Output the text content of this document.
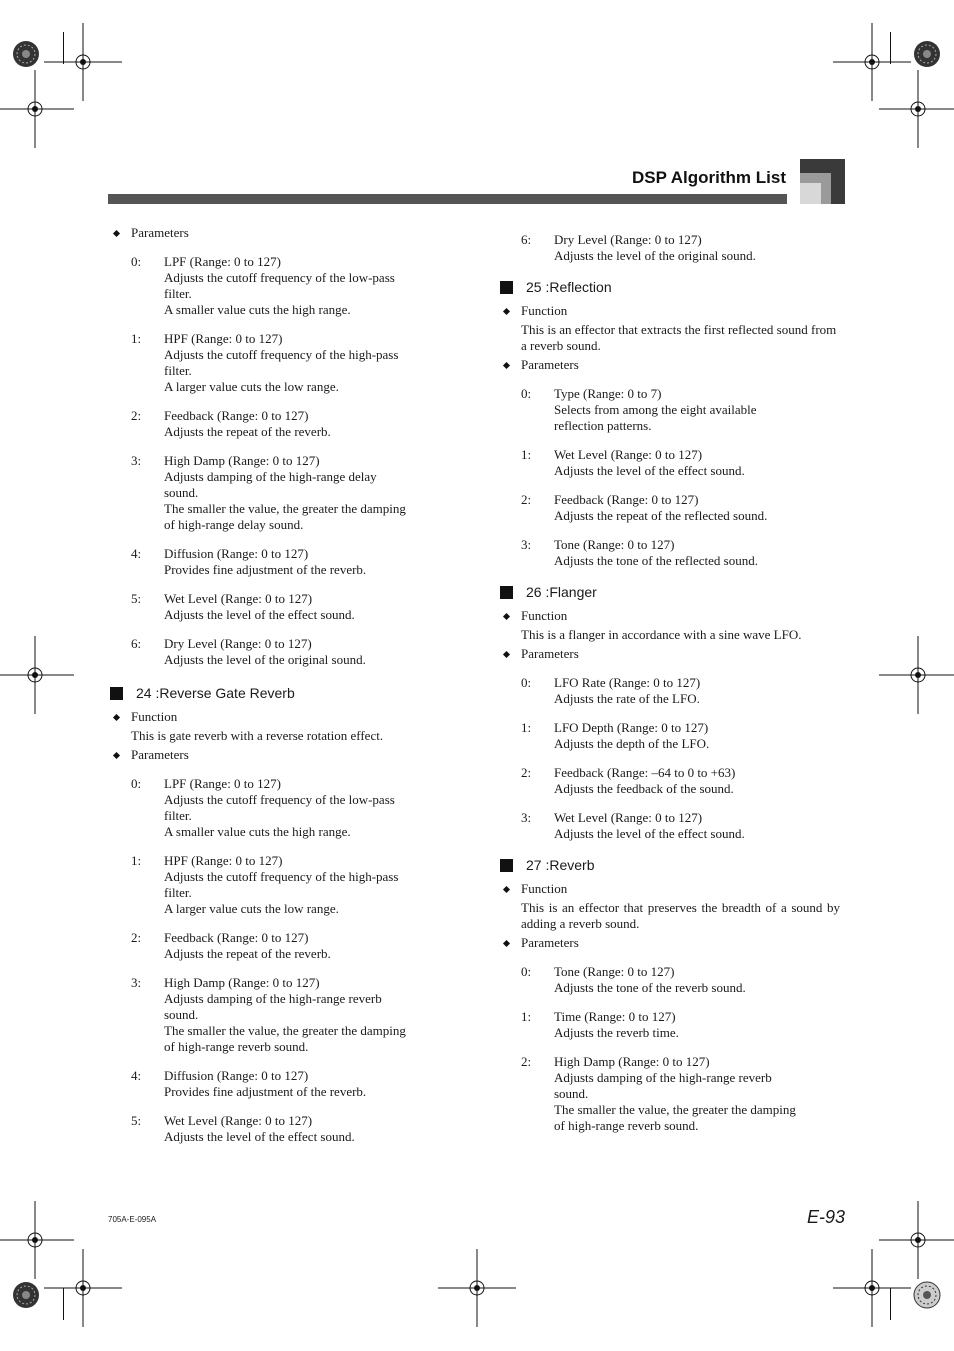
DSP Algorithm List
Parameters
0:	LPF (Range: 0 to 127)
Adjusts the cutoff frequency of the low-pass
filter.
A smaller value cuts the high range.
1:	HPF (Range: 0 to 127)
Adjusts the cutoff frequency of the high-pass
filter.
A larger value cuts the low range.
2:	Feedback (Range: 0 to 127)
Adjusts the repeat of the reverb.
3:	High Damp (Range: 0 to 127)
Adjusts damping of the high-range delay
sound.
The smaller the value, the greater the damping
of high-range delay sound.
4:	Diffusion (Range: 0 to 127)
Provides fine adjustment of the reverb.
5:	Wet Level (Range: 0 to 127)
Adjusts the level of the effect sound.
6:	Dry Level (Range: 0 to 127)
Adjusts the level of the original sound.
24 :Reverse Gate Reverb
Function
This is gate reverb with a reverse rotation effect.
Parameters
0:	LPF (Range: 0 to 127)
Adjusts the cutoff frequency of the low-pass
filter.
A smaller value cuts the high range.
1:	HPF (Range: 0 to 127)
Adjusts the cutoff frequency of the high-pass
filter.
A larger value cuts the low range.
2:	Feedback (Range: 0 to 127)
Adjusts the repeat of the reverb.
3:	High Damp (Range: 0 to 127)
Adjusts damping of the high-range reverb
sound.
The smaller the value, the greater the damping
of high-range reverb sound.
4:	Diffusion (Range: 0 to 127)
Provides fine adjustment of the reverb.
5:	Wet Level (Range: 0 to 127)
Adjusts the level of the effect sound.
6:	Dry Level (Range: 0 to 127)
Adjusts the level of the original sound.
25 :Reflection
Function
This is an effector that extracts the first reflected sound from a reverb sound.
Parameters
0:	Type (Range: 0 to 7)
Selects from among the eight available
reflection patterns.
1:	Wet Level (Range: 0 to 127)
Adjusts the level of the effect sound.
2:	Feedback (Range: 0 to 127)
Adjusts the repeat of the reflected sound.
3:	Tone (Range: 0 to 127)
Adjusts the tone of the reflected sound.
26 :Flanger
Function
This is a flanger in accordance with a sine wave LFO.
Parameters
0:	LFO Rate (Range: 0 to 127)
Adjusts the rate of the LFO.
1:	LFO Depth (Range: 0 to 127)
Adjusts the depth of the LFO.
2:	Feedback (Range: –64 to 0 to +63)
Adjusts the feedback of the sound.
3:	Wet Level (Range: 0 to 127)
Adjusts the level of the effect sound.
27 :Reverb
Function
This is an effector that preserves the breadth of a sound by adding a reverb sound.
Parameters
0:	Tone (Range: 0 to 127)
Adjusts the tone of the reverb sound.
1:	Time (Range: 0 to 127)
Adjusts the reverb time.
2:	High Damp (Range: 0 to 127)
Adjusts damping of the high-range reverb
sound.
The smaller the value, the greater the damping
of high-range reverb sound.
705A-E-095A	E-93
